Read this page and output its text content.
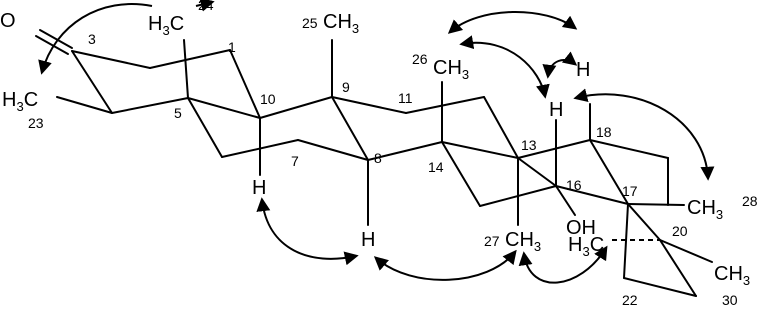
O
$H_3C$
$H_3C$	$CH_3$
$CH_3$
$CH_3$
$CH_3$
$H_3C$
$CH_3$
H
H
H
H
OH
1
3
5
7	8
9
10	11
13
14
16	17
18
20
22
23
24
25
26
27
28
30
